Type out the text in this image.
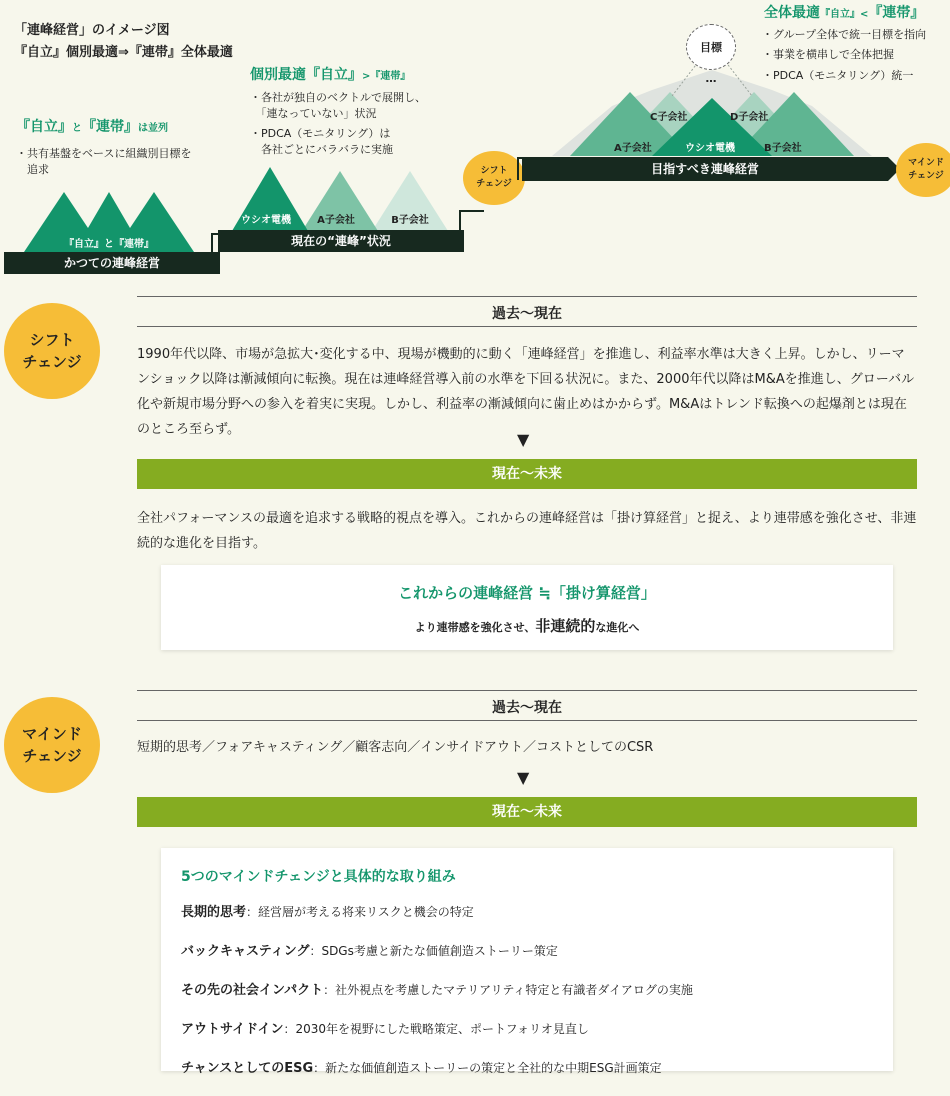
「連峰経営」のイメージ図
『自立』個別最適⇒『連帯』全体最適
『自立』と『連帯』は並列
・共有基盤をベースに組織別目標を
　追求
『自立』と『連帯』
かつての連峰経営
個別最適『自立』>『連帯』
・各社が独自のベクトルで展開し、
　「連なっていない」状況
・PDCA（モニタリング）は
　各社ごとにバラバラに実施
ウシオ電機	A子会社	B子会社
現在の“連峰”状況
シフト
チェンジ
全体最適『自立』<『連帯』
・グループ全体で統一目標を指向
・事業を横串しで全体把握
・PDCA（モニタリング）統一
目標
…
C子会社	D子会社
A子会社	ウシオ電機	B子会社
目指すべき連峰経営	マインド
チェンジ
シフト
チェンジ
過去～現在
1990年代以降、市場が急拡大･変化する中、現場が機動的に動く「連峰経営」を推進し、利益率水準は大きく上昇。しかし、リーマンショック以降は漸減傾向に転換。現在は連峰経営導入前の水準を下回る状況に。また、2000年代以降はM&Aを推進し、グローバル化や新規市場分野への参入を着実に実現。しかし、利益率の漸減傾向に歯止めはかからず。M&Aはトレンド転換への起爆剤とは現在のところ至らず。
▼
現在～未来
全社パフォーマンスの最適を追求する戦略的視点を導入。これからの連峰経営は「掛け算経営」と捉え、より連帯感を強化させ、非連続的な進化を目指す。
これからの連峰経営 ≒「掛け算経営」
より連帯感を強化させ、非連続的な進化へ
マインド
チェンジ
過去～現在
短期的思考／フォアキャスティング／顧客志向／インサイドアウト／コストとしてのCSR
▼
現在～未来
5つのマインドチェンジと具体的な取り組み
長期的思考：経営層が考える将来リスクと機会の特定
バックキャスティング：SDGs考慮と新たな価値創造ストーリー策定
その先の社会インパクト：社外視点を考慮したマテリアリティ特定と有識者ダイアログの実施
アウトサイドイン：2030年を視野にした戦略策定、ポートフォリオ見直し
チャンスとしてのESG：新たな価値創造ストーリーの策定と全社的な中期ESG計画策定
